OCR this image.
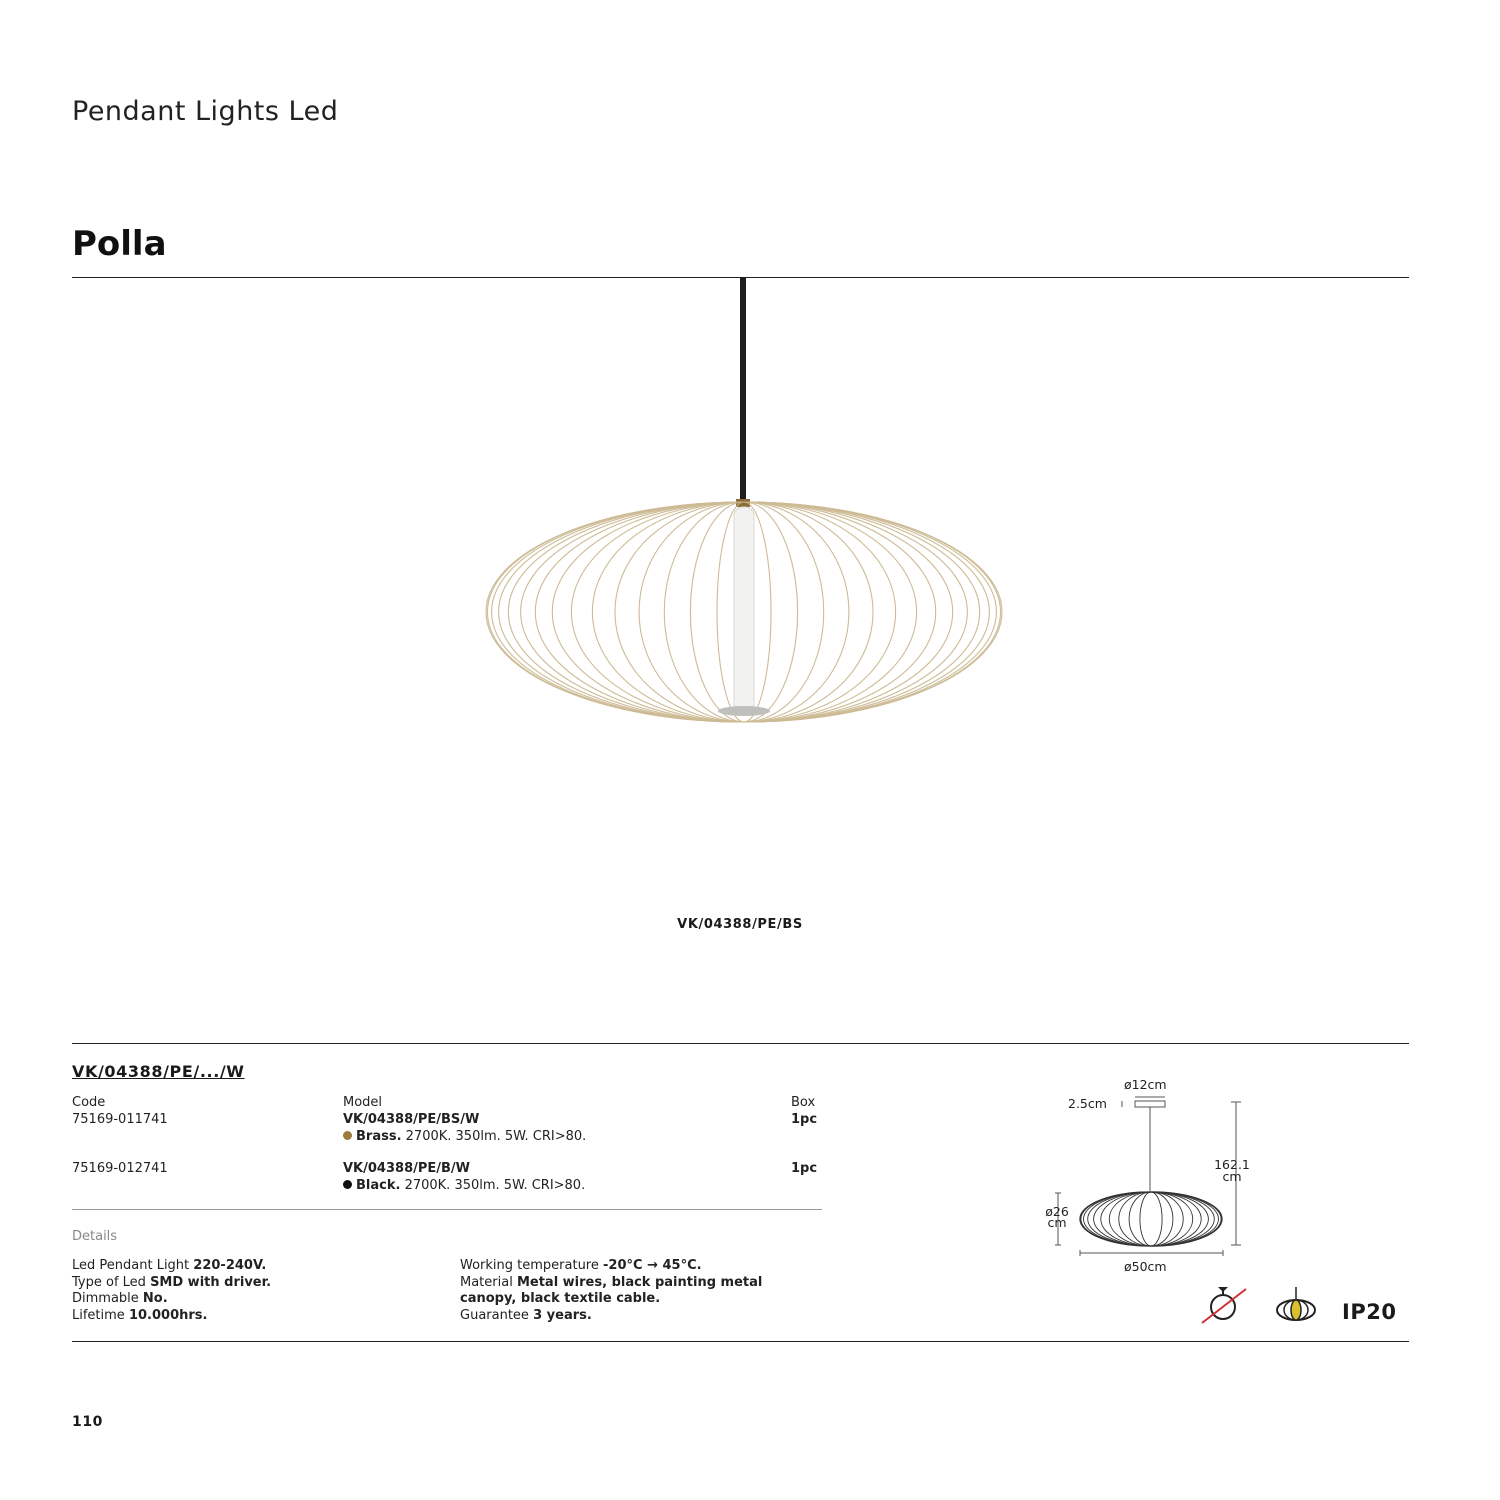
Pendant Lights Led
Polla
VK/04388/PE/BS
VK/04388/PE/.../W
Code	Model	Box
75169-011741	VK/04388/PE/BS/W	1pc
Brass. 2700K. 350lm. 5W. CRI>80.
75169-012741	VK/04388/PE/B/W	1pc
Black. 2700K. 350lm. 5W. CRI>80.
Details
Led Pendant Light 220-240V.
Type of Led SMD with driver.
Dimmable No.
Lifetime 10.000hrs.
Working temperature -20°C → 45°C.
Material Metal wires, black painting metal
canopy, black textile cable.
Guarantee 3 years.
ø12cm
2.5cm
162.1
cm
ø26
cm
ø50cm
IP20
110
